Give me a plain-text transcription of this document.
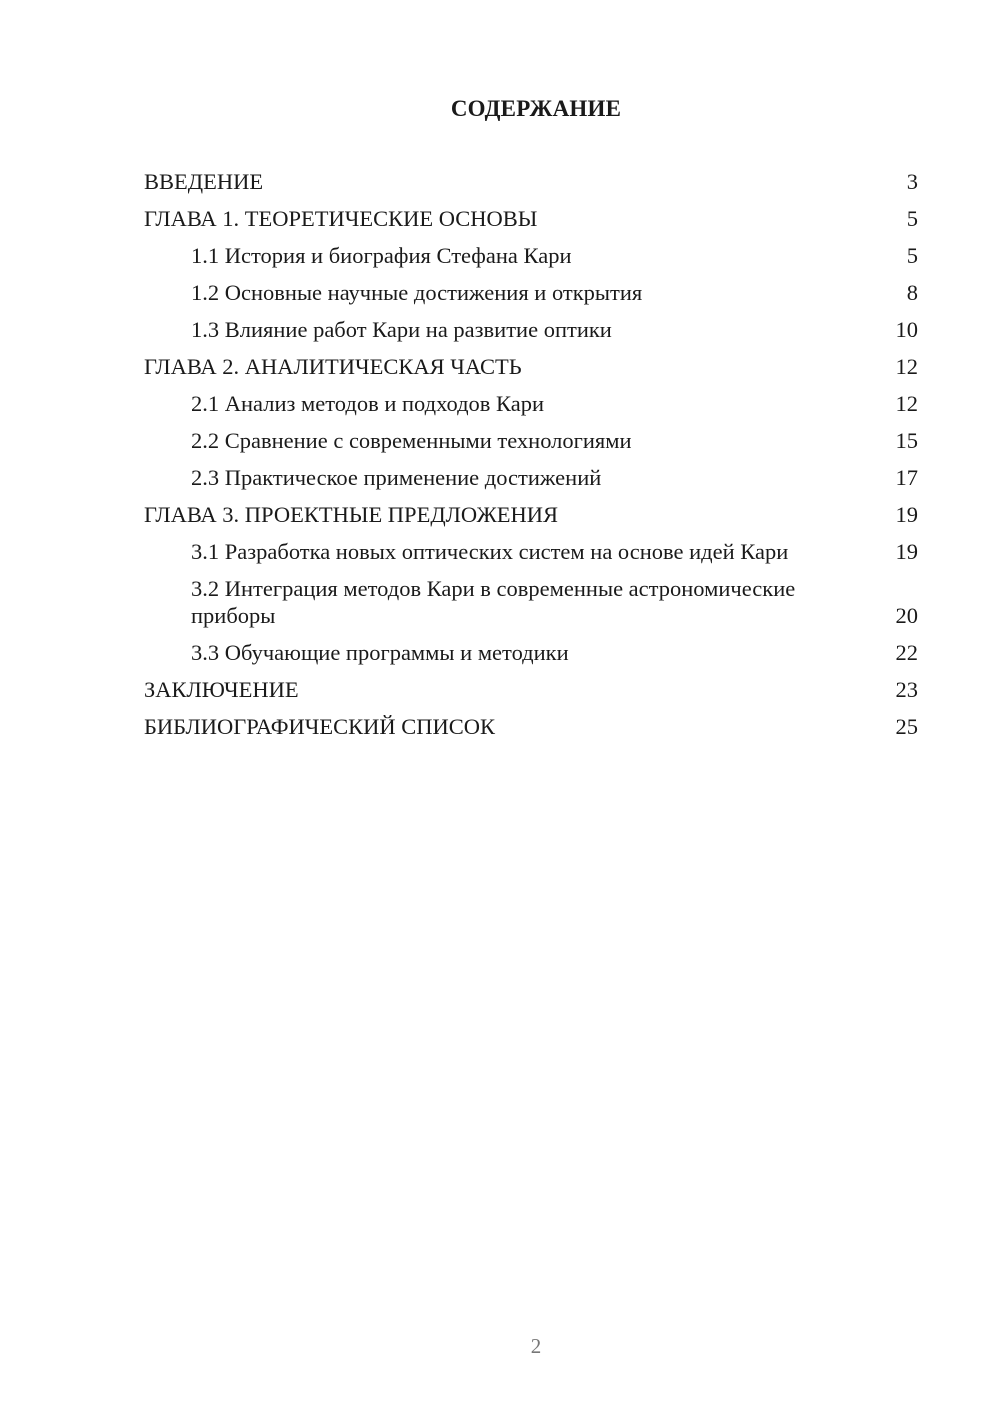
СОДЕРЖАНИЕ
ВВЕДЕНИЕ	3
ГЛАВА 1. ТЕОРЕТИЧЕСКИЕ ОСНОВЫ	5
1.1 История и биография Стефана Кари	5
1.2 Основные научные достижения и открытия	8
1.3 Влияние работ Кари на развитие оптики	10
ГЛАВА 2. АНАЛИТИЧЕСКАЯ ЧАСТЬ	12
2.1 Анализ методов и подходов Кари	12
2.2 Сравнение с современными технологиями	15
2.3 Практическое применение достижений	17
ГЛАВА 3. ПРОЕКТНЫЕ ПРЕДЛОЖЕНИЯ	19
3.1 Разработка новых оптических систем на основе идей Кари	19
3.2 Интеграция методов Кари в современные астрономические приборы	20
3.3 Обучающие программы и методики	22
ЗАКЛЮЧЕНИЕ	23
БИБЛИОГРАФИЧЕСКИЙ СПИСОК	25
2
